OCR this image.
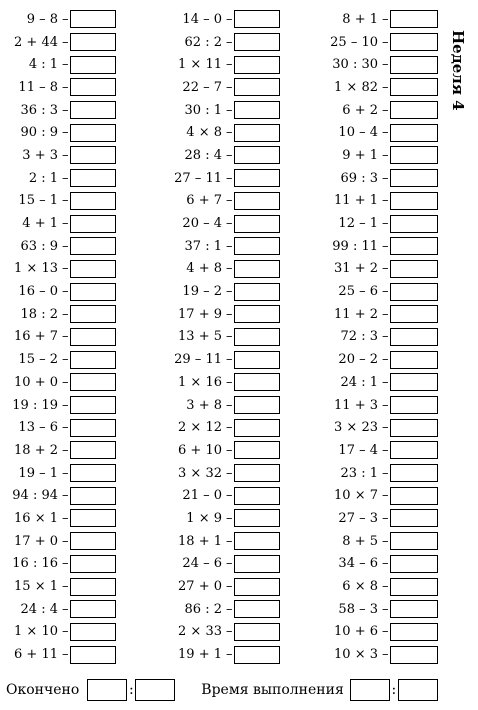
9 – 8 –
2 + 44 –
4 : 1 –
11 – 8 –
36 : 3 –
90 : 9 –
3 + 3 –
2 : 1 –
15 – 1 –
4 + 1 –
63 : 9 –
1 × 13 –
16 – 0 –
18 : 2 –
16 + 7 –
15 – 2 –
10 + 0 –
19 : 19 –
13 – 6 –
18 + 2 –
19 – 1 –
94 : 94 –
16 × 1 –
17 + 0 –
16 : 16 –
15 × 1 –
24 : 4 –
1 × 10 –
6 + 11 –
14 – 0 –
62 : 2 –
1 × 11 –
22 – 7 –
30 : 1 –
4 × 8 –
28 : 4 –
27 – 11 –
6 + 7 –
20 – 4 –
37 : 1 –
4 + 8 –
19 – 2 –
17 + 9 –
13 + 5 –
29 – 11 –
1 × 16 –
3 + 8 –
2 × 12 –
6 + 10 –
3 × 32 –
21 – 0 –
1 × 9 –
18 + 1 –
24 – 6 –
27 + 0 –
86 : 2 –
2 × 33 –
19 + 1 –
8 + 1 –
25 – 10 –
30 : 30 –
1 × 82 –
6 + 2 –
10 – 4 –
9 + 1 –
69 : 3 –
11 + 1 –
12 – 1 –
99 : 11 –
31 + 2 –
25 – 6 –
11 + 2 –
72 : 3 –
20 – 2 –
24 : 1 –
11 + 3 –
3 × 23 –
17 – 4 –
23 : 1 –
10 × 7 –
27 – 3 –
8 + 5 –
34 – 6 –
6 × 8 –
58 – 3 –
10 + 6 –
10 × 3 –
Неделя 4
Окончено	:	Время выполнения	:
